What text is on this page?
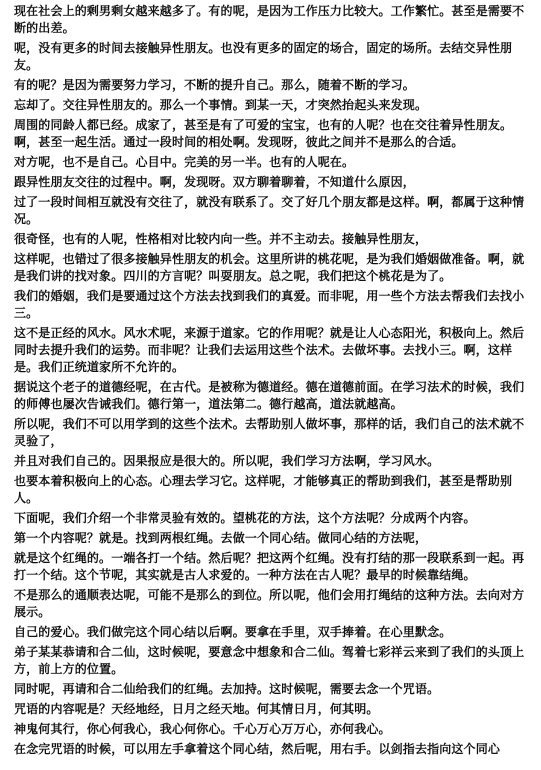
现在社会上的剩男剩女越来越多了。有的呢，是因为工作压力比较大。工作繁忙。甚至是需要不断的出差。

呢，没有更多的时间去接触异性朋友。也没有更多的固定的场合，固定的场所。去结交异性朋友。

有的呢？是因为需要努力学习，不断的提升自己。那么，随着不断的学习。

忘却了。交往异性朋友的。那么一个事情。到某一天，才突然抬起头来发现。

周围的同龄人都已经。成家了，甚至是有了可爱的宝宝，也有的人呢？也在交往着异性朋友。啊，甚至一起生活。通过一段时间的相处啊。发现呀，彼此之间并不是那么的合适。

对方呢，也不是自己。心目中。完美的另一半。也有的人呢在。

跟异性朋友交往的过程中。啊，发现呀。双方聊着聊着，不知道什么原因，

过了一段时间相互就没有交往了，就没有联系了。交了好几个朋友都是这样。啊，都属于这种情况。

很奇怪，也有的人呢，性格相对比较内向一些。并不主动去。接触异性朋友，

这样呢，也错过了很多接触异性朋友的机会。这里所讲的桃花呢，是为我们婚姻做准备。啊，就是我们讲的找对象。四川的方言呢？叫耍朋友。总之呢，我们把这个桃花是为了。

我们的婚姻，我们是要通过这个方法去找到我们的真爱。而非呢，用一些个方法去帮我们去找小三。

这不是正经的风水。风水术呢，来源于道家。它的作用呢？就是让人心态阳光，积极向上。然后同时去提升我们的运势。而非呢？让我们去运用这些个法术。去做坏事。去找小三。啊，这样是。我们正统道家所不允许的。

据说这个老子的道德经呢，在古代。是被称为德道经。德在道德前面。在学习法术的时候，我们的师傅也屡次告诫我们。德行第一，道法第二。德行越高，道法就越高。

所以呢，我们不可以用学到的这些个法术。去帮助别人做坏事，那样的话，我们自己的法术就不灵验了，

并且对我们自己的。因果报应是很大的。所以呢，我们学习方法啊，学习风水。

也要本着积极向上的心态。心理去学习它。这样呢，才能够真正的帮助到我们，甚至是帮助别人。

下面呢，我们介绍一个非常灵验有效的。望桃花的方法，这个方法呢？分成两个内容。

第一个内容呢？就是。找到两根红绳。去做一个同心结。做同心结的方法呢，

就是这个红绳的。一端各打一个结。然后呢？把这两个红绳。没有打结的那一段联系到一起。再打一个结。这个节呢，其实就是古人求爱的。一种方法在古人呢？最早的时候靠结绳。

不是那么的通顺表达呢，可能不是那么的到位。所以呢，他们会用打绳结的这种方法。去向对方展示。

自己的爱心。我们做完这个同心结以后啊。要拿在手里，双手捧着。在心里默念。

弟子某某恭请和合二仙，这时候呢，要意念中想象和合二仙。驾着七彩祥云来到了我们的头顶上方，前上方的位置。

同时呢，再请和合二仙给我们的红绳。去加持。这时候呢，需要去念一个咒语。

咒语的内容呢是？天经地经，日月之经天地。何其情日月，何其明。

神鬼何其行，你心何我心，我心何你心。千心万心万万心，亦何我心。

在念完咒语的时候，可以用左手拿着这个同心结，然后呢，用右手。以剑指去指向这个同心
